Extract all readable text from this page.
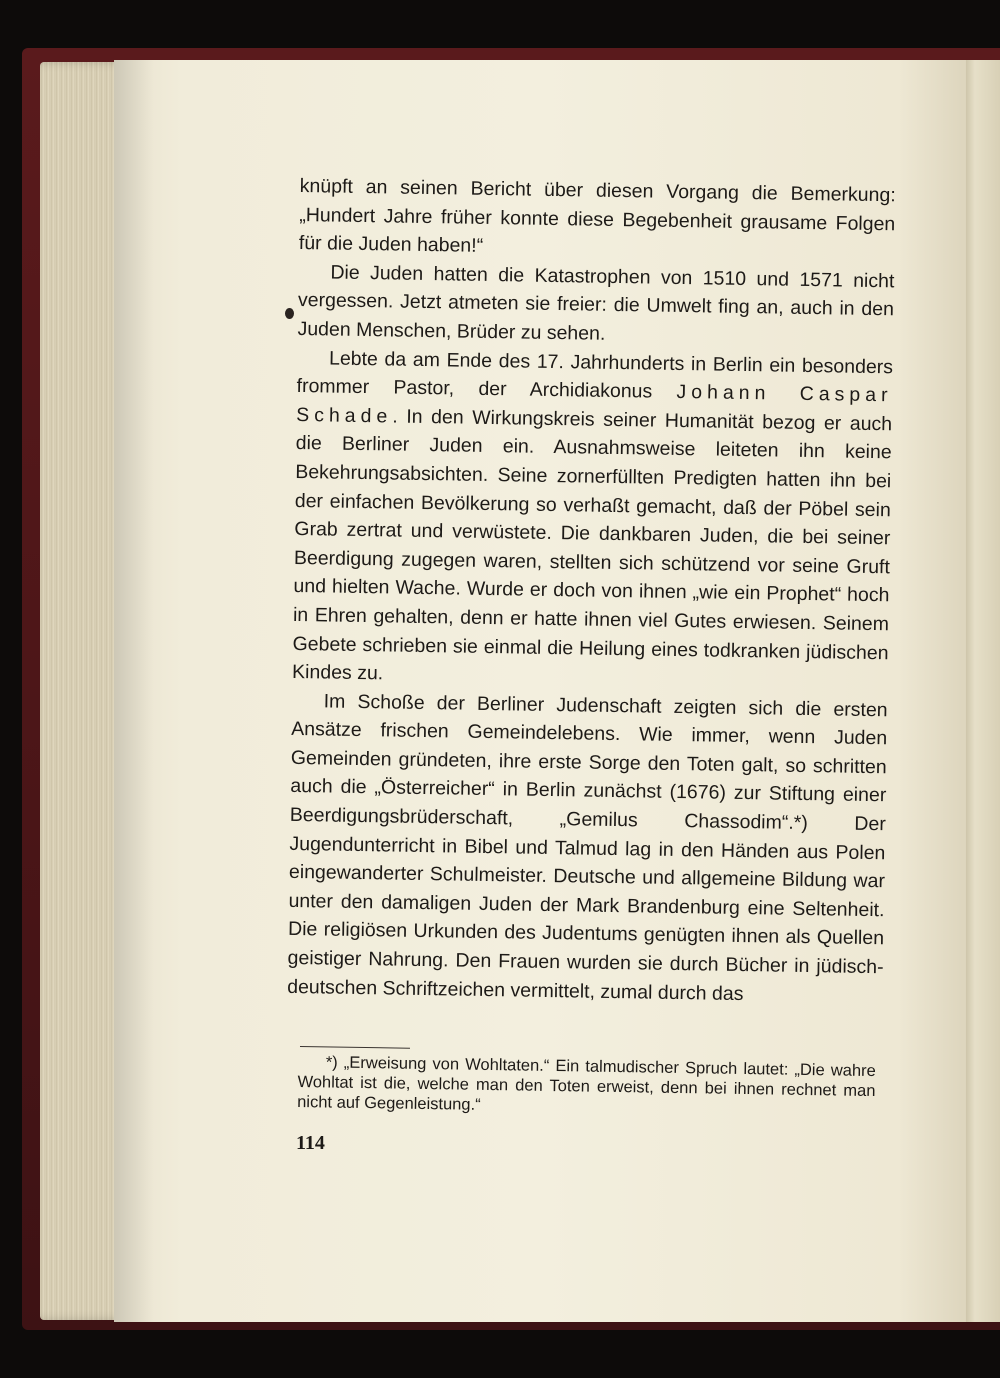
knüpft an seinen Bericht über diesen Vorgang die Bemerkung:„Hundert Jahre früher konnte diese Begebenheit grausame Folgen für die Juden haben!“

Die Juden hatten die Katastrophen von 1510 und 1571 nicht vergessen. Jetzt atmeten sie freier: die Umwelt fing an, auch in den Juden Menschen, Brüder zu sehen.

Lebte da am Ende des 17. Jahrhunderts in Berlin ein besonders frommer Pastor, der Archidiakonus Johann Caspar Schade. In den Wirkungskreis seiner Humanität bezog er auch die Berliner Juden ein. Ausnahmsweise leiteten ihn keine Bekehrungsabsichten. Seine zornerfüllten Predigten hatten ihn bei der einfachen Bevölkerung so verhaßt gemacht, daß der Pöbel sein Grab zertrat und verwüstete. Die dankbaren Juden, die bei seiner Beerdigung zugegen waren, stellten sich schützend vor seine Gruft und hielten Wache. Wurde er doch von ihnen „wie ein Prophet“ hoch in Ehren gehalten, denn er hatte ihnen viel Gutes erwiesen. Seinem Gebete schrieben sie einmal die Heilung eines todkranken jüdischen Kindes zu.

Im Schoße der Berliner Judenschaft zeigten sich die ersten Ansätze frischen Gemeindelebens. Wie immer, wenn Juden Gemeinden gründeten, ihre erste Sorge den Toten galt, so schritten auch die „Österreicher“ in Berlin zunächst (1676) zur Stiftung einer Beerdigungsbrüderschaft, „Gemilus Chassodim“.*) Der Jugendunterricht in Bibel und Talmud lag in den Händen aus Polen eingewanderter Schulmeister. Deutsche und allgemeine Bildung war unter den damaligen Juden der Mark Brandenburg eine Seltenheit. Die religiösen Urkunden des Judentums genügten ihnen als Quellen geistiger Nahrung. Den Frauen wurden sie durch Bücher in jüdisch-deutschen Schriftzeichen vermittelt, zumal durch das

*) „Erweisung von Wohltaten.“ Ein talmudischer Spruch lautet: „Die wahre Wohltat ist die, welche man den Toten erweist, denn bei ihnen rechnet man nicht auf Gegenleistung.“

114
